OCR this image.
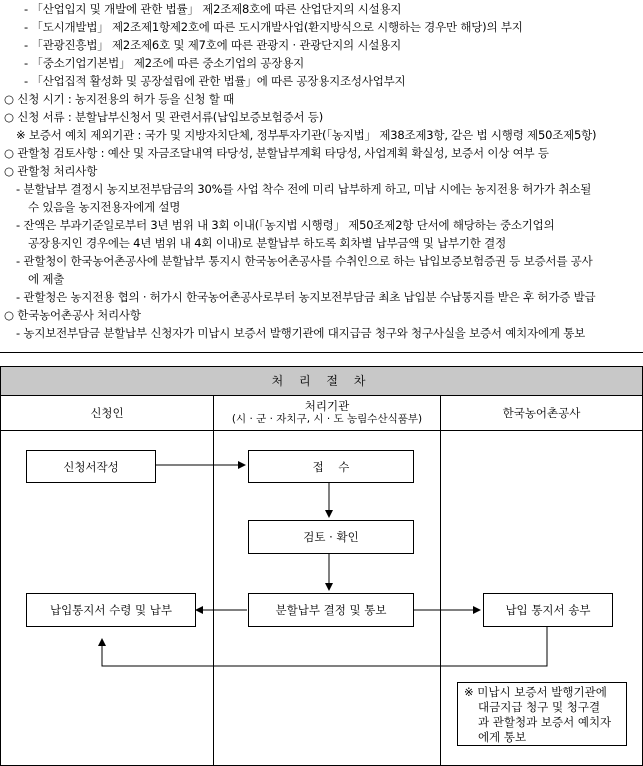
- 「산업입지 및 개발에 관한 법률」 제2조제8호에 따른 산업단지의 시설용지
- 「도시개발법」 제2조제1항제2호에 따른 도시개발사업(환지방식으로 시행하는 경우만 해당)의 부지
- 「관광진흥법」 제2조제6호 및 제7호에 따른 관광지 · 관광단지의 시설용지
- 「중소기업기본법」 제2조에 따른 중소기업의 공장용지
- 「산업집적 활성화 및 공장설립에 관한 법률」에 따른 공장용지조성사업부지
○ 신청 시기 : 농지전용의 허가 등을 신청 할 때
○ 신청 서류 : 분할납부신청서 및 관련서류(납입보증보험증서 등)
※ 보증서 예치 제외기관 : 국가 및 지방자치단체, 정부투자기관(「농지법」 제38조제3항, 같은 법 시행령 제50조제5항)
○ 관할청 검토사항 : 예산 및 자금조달내역 타당성, 분할납부계획 타당성, 사업계획 확실성, 보증서 이상 여부 등
○ 관할청 처리사항
- 분할납부 결정시 농지보전부담금의 30%를 사업 착수 전에 미리 납부하게 하고, 미납 시에는 농지전용 허가가 취소될
수 있음을 농지전용자에게 설명
- 잔액은 부과기준일로부터 3년 범위 내 3회 이내(「농지법 시행령」 제50조제2항 단서에 해당하는 중소기업의
공장용지인 경우에는 4년 범위 내 4회 이내)로 분할납부 하도록 회차별 납부금액 및 납부기한 결정
- 관할청이 한국농어촌공사에 분할납부 통지시 한국농어촌공사를 수취인으로 하는 납입보증보험증권 등 보증서를 공사
에 제출
- 관할청은 농지전용 협의 · 허가시 한국농어촌공사로부터 농지보전부담금 최초 납입분 수납통지를 받은 후 허가증 발급
○ 한국농어촌공사 처리사항
- 농지보전부담금 분할납부 신청자가 미납시 보증서 발행기관에 대지급금 청구와 청구사실을 보증서 예치자에게 통보
처 리 절 차
신청인	처리기관
(시 · 군 · 자치구, 시 · 도 농림수산식품부)	한국농어촌공사
신청서작성	접    수
검토 · 확인
분할납부 결정 및 통보
납입통지서 수령 및 납부	납입 통지서 송부
※ 미납시 보증서 발행기관에
대금지급 청구 및 청구결
과 관할청과 보증서 예치자
에게 통보
